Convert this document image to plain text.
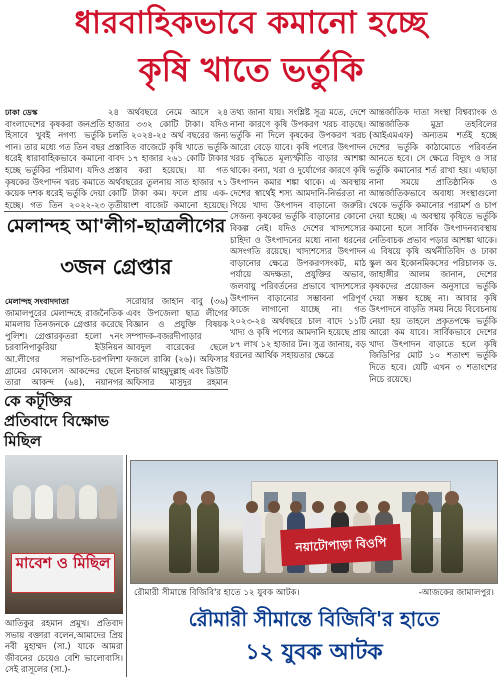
ধারবাহিকভাবে কমানো হচ্ছে
কৃষি খাতে ভর্তুকি

ঢাকা ডেস্ক

বাংলাদেশের কৃষকরা জনপ্রতি হিসাবে খুবই নগণ্য ভর্তুকি পান। তার মধ্যে গত তিন বছর ধরেই ধারাবাহিকভাবে কমানো হচ্ছে ভর্তুকির পরিমাণ। যদিও কৃষকের উৎপাদন খরচ কমাতে কয়েক দশক ধরেই ভর্তুকি দেয়া হচ্ছে। গত তিন ২০২২-২৩

২৪ অর্থবছরে নেমে আসে ২৪ হাজার ৩৩২ কোটি টাকা। যদিও চলতি ২০২৪-২৫ অর্থ বছরের জন্য প্রস্তাবিত বাজেটে কৃষি খাতে ভর্তুকি বাবদ ১৭ হাজার ২৬১ কোটি টাকার প্রস্তাব করা হয়েছে। যা গত অর্থবছরের তুলনায় সাত হাজার ৭১ কোটি টাকা কম। ফলে প্রায় এক-তৃতীয়াংশ বাজেট কমানো হয়েছে।

তথ্য জানা যায়। সংশ্লিষ্ট সূত্র মতে, দেশে নানা কারণে কৃষি উপকরণ খরচ বাড়ছে। ভর্তুকি না দিলে কৃষকের উপকরণ খরচ আরো বেড়ে যাবে। কৃষি পণ্যের উৎপাদন খরচ বৃদ্ধিতে মূল্যস্ফীতি বাড়ার আশঙ্কা থাকে। বন্যা, খরা ও দুর্যোগের কারণে কৃষি উৎপাদন কমার শঙ্কা থাকে। এ অবস্থায় দেশের স্বার্থেই শস্য আমদানি-নির্ভরতা না গিয়ে খাদ্য উৎপাদন বাড়ানো জরুরি। সেজন্য কৃষকের ভর্তুকি বাড়ানোর কোনো বিকল্প নেই। যদিও দেশের খাদ্যশস্যের চাহিদা ও উৎপাদনের মধ্যে নানা ধরনের অসংগতি রয়েছে। খাদ্যশস্যের উৎপাদন বাড়ানোর ক্ষেত্রে উপকরণসংকট, মাঠ পর্যায়ে অদক্ষতা, প্রযুক্তির অভাব, জলবায়ু পরিবর্তনের প্রভাবে খাদ্যশস্যের উৎপাদন বাড়ানোর সম্ভাবনা পরিপূর্ণ কাজে লাগানো যাচ্ছে না। গত ২০২৩-২৪ অর্থবছরে চাল বাদে ১১টি খাদ্য ও কৃষি পণ্যের আমদানি হয়েছে প্রায় ৮৭ লাখ ১২ হাজার টন। সুত্র জানায়, বড় ধরনের আর্থিক সহায়তার ক্ষেত্রে

আন্তর্জাতিক দাতা সংস্থা বিশ্বব্যাংক ও আন্তর্জাতিক মুদ্রা তহবিলের (আইএমএফ) অন্যতম শর্তই হচ্ছে দেশের ভর্তুকি কাঠামোতে পরিবর্তন আনতে হবে। সে ক্ষেত্রে বিদ্যুৎ ও সার ভর্তুকি কমানোর শর্ত রাখা হয়। এছাড়া নানা সময়ে প্রাতিষ্ঠানিক ও আন্তর্জাতিকভাবে অবাধ্য সংস্থাগুলো থেকে ভর্তুকি কমানোর পরামর্শ ও চাপ দেয়া হচ্ছে। এ অবস্থায় কৃষিতে ভর্তুকি কমানো হলে সার্বিক উৎপাদনব্যবস্থায় নেতিবাচক প্রভাব পড়ার আশঙ্কা থাকে। এ বিষয়ে কৃষি অর্থনীতিবিদ ও ঢাকা স্কুল অব ইকোনমিকসের পরিচালক ড. জাহাঙ্গীর আলম জানান, দেশের কৃষকদের প্রয়োজন অনুসারে ভর্তুকি দেয়া সম্ভব হচ্ছে না। আবার কৃষি উৎপাদনে বাড়তি সময় নিয়ে বিবেচনায় নেয়া হয় তাহলে প্রকৃতপক্ষে ভর্তুকি আরো কম যাবে। সার্বিকভাবে দেশের খাদ্য উৎপাদন বাড়াতে হলে কৃষি জিডিপির মোট ১০ শতাংশ ভর্তুকি দিতে হবে। যেটি এখন ৩ শতাংশের নিচে রয়েছে।

মেলান্দহ আ'লীগ-ছাত্রলীগের
৩জন গ্রেপ্তার

মেলান্দহ সংবাদদাতা

জামালপুরের মেলান্দহে রাজনৈতিক মামলায় তিনজনকে গ্রেপ্তার করেছে পুলিশ। গ্রেপ্তারকৃতরা হলো ৭নং চরবানিপাকুরিয়া ইউনিয়ন আ.লীগের সভাপতি-চরপলিশা গ্রামের মোকলেস আকন্দের ছেলে তারা আকন্দ (৬৪), নয়ানগর

সরোয়ার জাহান বাবু (৩৬) এবং উপজেলা ছাত্র লীগের বিজ্ঞান ও প্রযুক্তি বিষয়ক সম্পাদক-বজরদীপাড়ার আবদুল বারেকের ছেলে ফজলে রাব্বি (২৬)। অফিসার ইনচার্জ মাহমুদুল্লাহ এবং ডিউটি অফিসার মাসুদুর রহমান

কে কটূক্তির প্রতিবাদে বিক্ষোভ মিছিল
মাবেশ ও মিছিল

আতিকুর রহমান প্রমুখ। প্রতিবাদ সভায় বক্তারা বলেন,আমাদের প্রিয় নবী মুহাম্মদ (সা.) যাকে আমরা জীবনের চেয়েও বেশি ভালোবাসি। সেই রাসূলের (সা.)-

নয়াটোপাড়া বিওপি
রৌমারী সীমান্তে বিজিবি'র হাতে ১২ যুবক আটক।	-আজকের জামালপুর।
রৌমারী সীমান্তে বিজিবি'র হাতে
১২ যুবক আটক
